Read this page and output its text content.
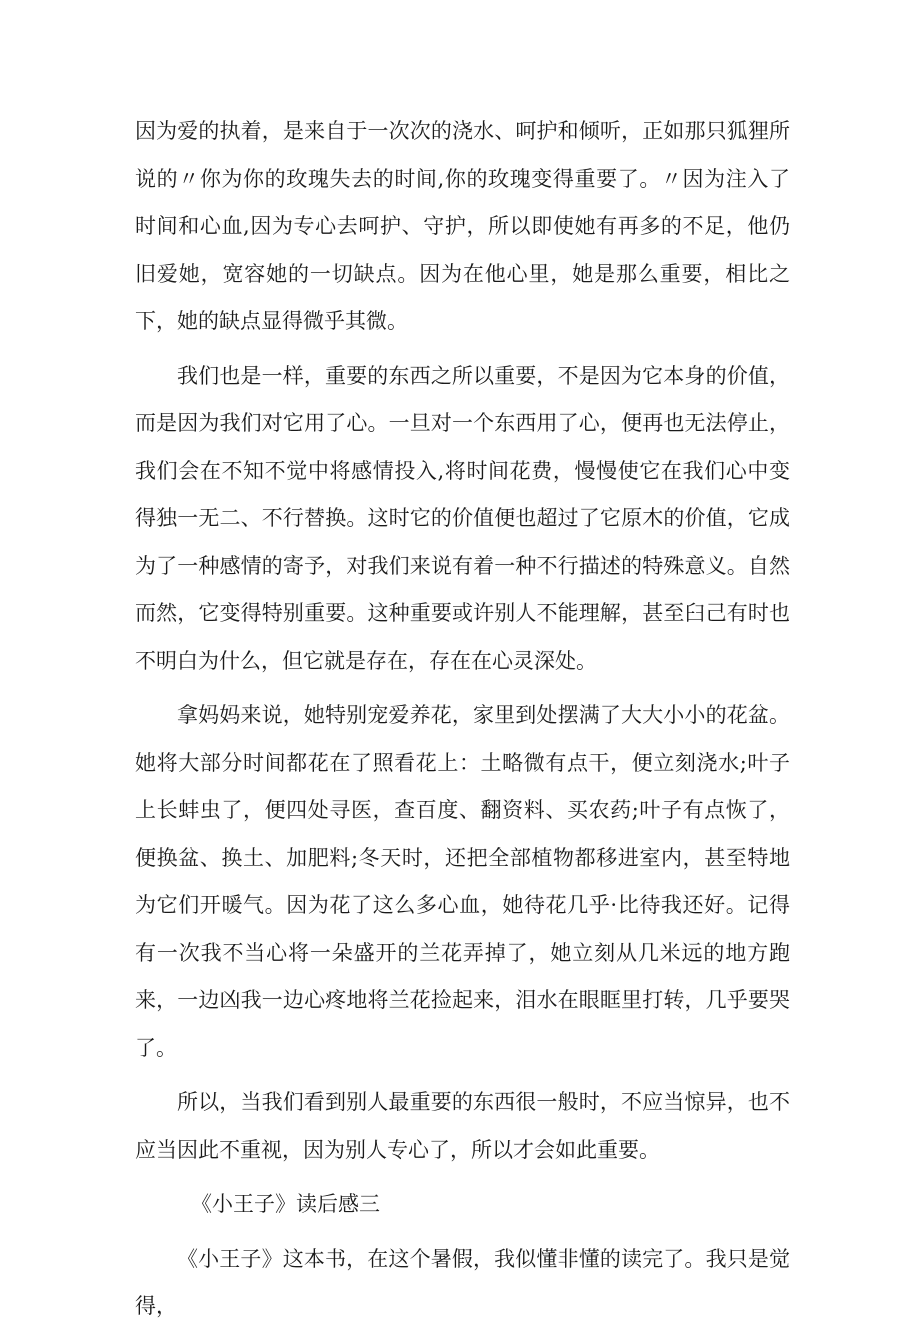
因为爱的执着，是来自于一次次的浇水、呵护和倾听，正如那只狐狸所说的〃你为你的玫瑰失去的时间,你的玫瑰变得重要了。〃因为注入了时间和心血,因为专心去呵护、守护，所以即使她有再多的不足，他仍旧爱她，宽容她的一切缺点。因为在他心里，她是那么重要，相比之下，她的缺点显得微乎其微。

我们也是一样，重要的东西之所以重要，不是因为它本身的价值，而是因为我们对它用了心。一旦对一个东西用了心，便再也无法停止，我们会在不知不觉中将感情投入,将时间花费，慢慢使它在我们心中变得独一无二、不行替换。这时它的价值便也超过了它原木的价值，它成为了一种感情的寄予，对我们来说有着一种不行描述的特殊意义。自然而然，它变得特别重要。这种重要或许别人不能理解，甚至臼己有时也不明白为什么，但它就是存在，存在在心灵深处。

拿妈妈来说，她特别宠爱养花，家里到处摆满了大大小小的花盆。她将大部分时间都花在了照看花上：土略微有点干，便立刻浇水;叶子上长蚌虫了，便四处寻医，查百度、翻资料、买农药;叶子有点恢了，便换盆、换土、加肥料;冬天时，还把全部植物都移进室内，甚至特地为它们开暖气。因为花了这么多心血，她待花几乎·比待我还好。记得有一次我不当心将一朵盛开的兰花弄掉了，她立刻从几米远的地方跑来，一边凶我一边心疼地将兰花捡起来，泪水在眼眶里打转，几乎要哭了。

所以，当我们看到别人最重要的东西很一般时，不应当惊异，也不应当因此不重视，因为别人专心了，所以才会如此重要。

《小王子》读后感三

《小王子》这本书，在这个暑假，我似懂非懂的读完了。我只是觉得，
